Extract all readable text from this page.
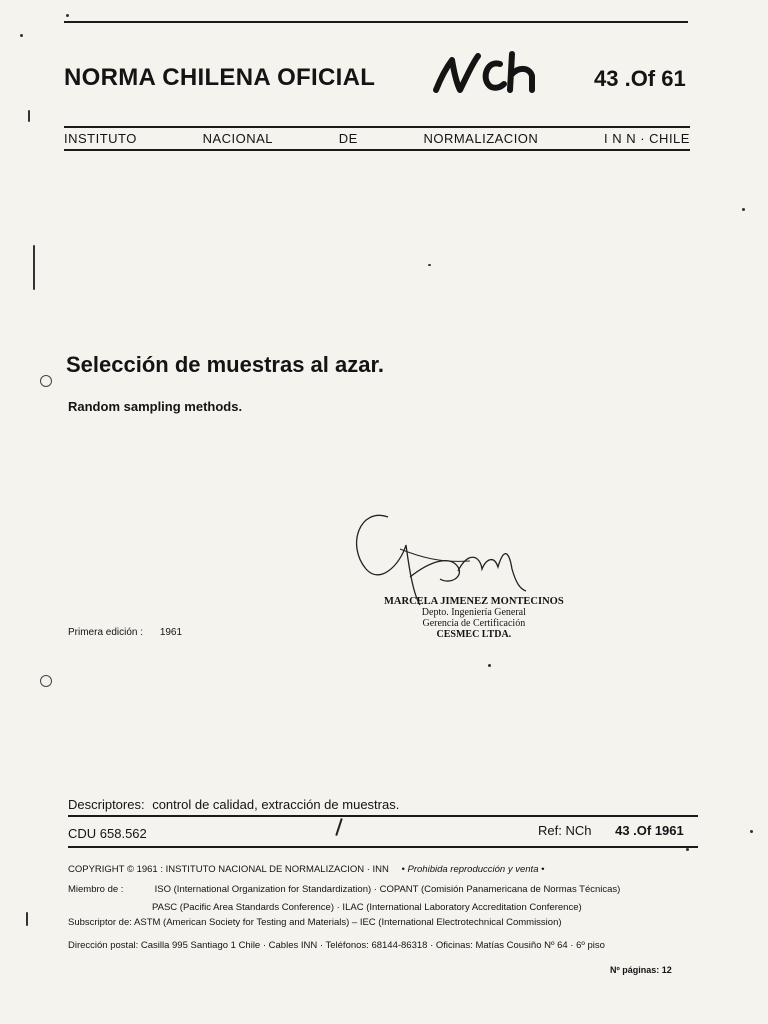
NORMA CHILENA OFICIAL	43 .Of 61
INSTITUTO	NACIONAL	DE	NORMALIZACION	I N N · CHILE
Selección de muestras al azar.
Random sampling methods.
MARCELA JIMENEZ MONTECINOS
Depto. Ingeniería General
Gerencia de Certificación
CESMEC LTDA.
Primera edición : 1961
Descriptores: control de calidad, extracción de muestras.
CDU 658.562	Ref: NCh 43 .Of 1961
COPYRIGHT © 1961 : INSTITUTO NACIONAL DE NORMALIZACION · INN • Prohibida reproducción y venta •
Miembro de :	ISO (International Organization for Standardization) · COPANT (Comisión Panamericana de Normas Técnicas)
PASC (Pacific Area Standards Conference) · ILAC (International Laboratory Accreditation Conference)
Subscriptor de: ASTM (American Society for Testing and Materials) – IEC (International Electrotechnical Commission)
Dirección postal: Casilla 995 Santiago 1 Chile · Cables INN · Teléfonos: 68144-86318 · Oficinas: Matías Cousiño Nº 64 · 6º piso
Nº páginas: 12
